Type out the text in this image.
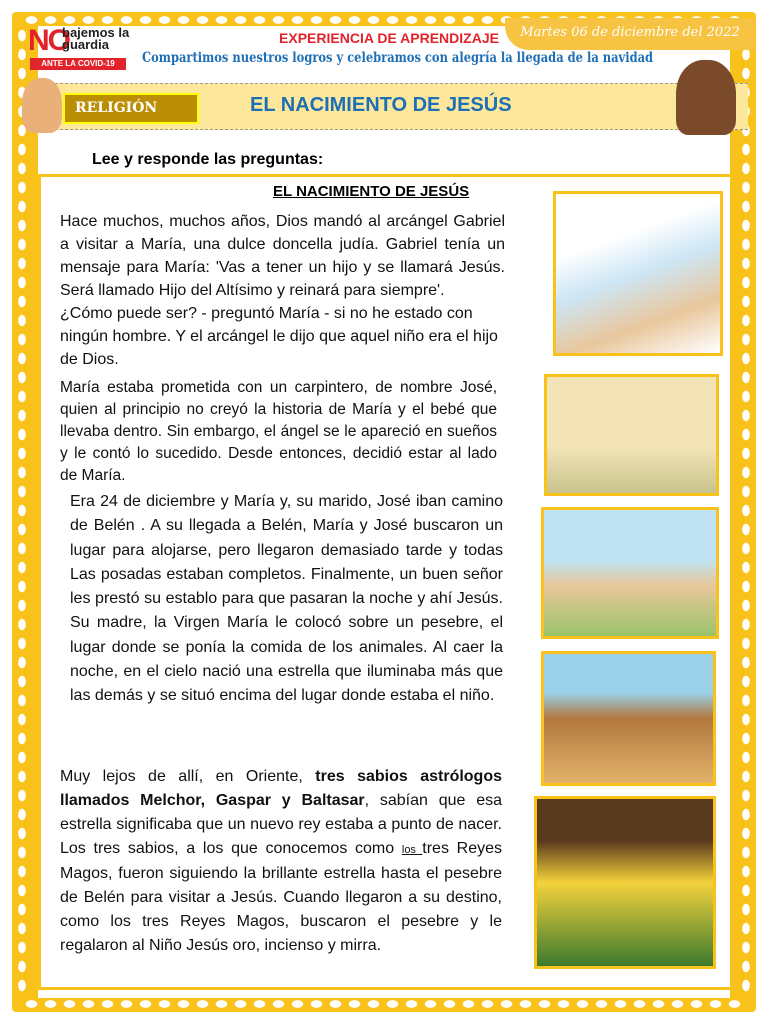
NO
bajemos la guardia
ANTE LA COVID-19
EXPERIENCIA DE APRENDIZAJE
Compartimos nuestros logros y celebramos con alegría la llegada de la navidad
Martes 06 de diciembre del 2022
RELIGIÓN	EL NACIMIENTO DE JESÚS
Lee y responde las preguntas:
EL NACIMIENTO DE JESÚS
Hace muchos, muchos años, Dios mandó al arcángel Gabriel a visitar a María, una dulce doncella judía. Gabriel tenía un mensaje para María: 'Vas a tener un hijo y se llamará Jesús. Será llamado Hijo del Altísimo y reinará para siempre'.

¿Cómo puede ser? - preguntó María - si no he estado con ningún hombre. Y el arcángel le dijo que aquel niño era el hijo de Dios.
María estaba prometida con un carpintero, de nombre José, quien al principio no creyó la historia de María y el bebé que llevaba dentro. Sin embargo, el ángel se le apareció en sueños y le contó lo sucedido. Desde entonces, decidió estar al lado de María.
Era 24 de diciembre y María y, su marido, José iban camino de Belén . A su llegada a Belén, María y José buscaron un lugar para alojarse, pero llegaron demasiado tarde y todas Las posadas estaban completos. Finalmente, un buen señor les prestó su establo para que pasaran la noche y ahí Jesús. Su madre, la Virgen María le colocó sobre un pesebre, el lugar donde se ponía la comida de los animales. Al caer la noche, en el cielo nació una estrella que iluminaba más que las demás y se situó encima del lugar donde estaba el niño.
Muy lejos de allí, en Oriente, tres sabios astrólogos llamados Melchor, Gaspar y Baltasar, sabían que esa estrella significaba que un nuevo rey estaba a punto de nacer. Los tres sabios, a los que conocemos como los tres Reyes Magos, fueron siguiendo la brillante estrella hasta el pesebre de Belén para visitar a Jesús. Cuando llegaron a su destino, como los tres Reyes Magos, buscaron el pesebre y le regalaron al Niño Jesús oro, incienso y mirra.
